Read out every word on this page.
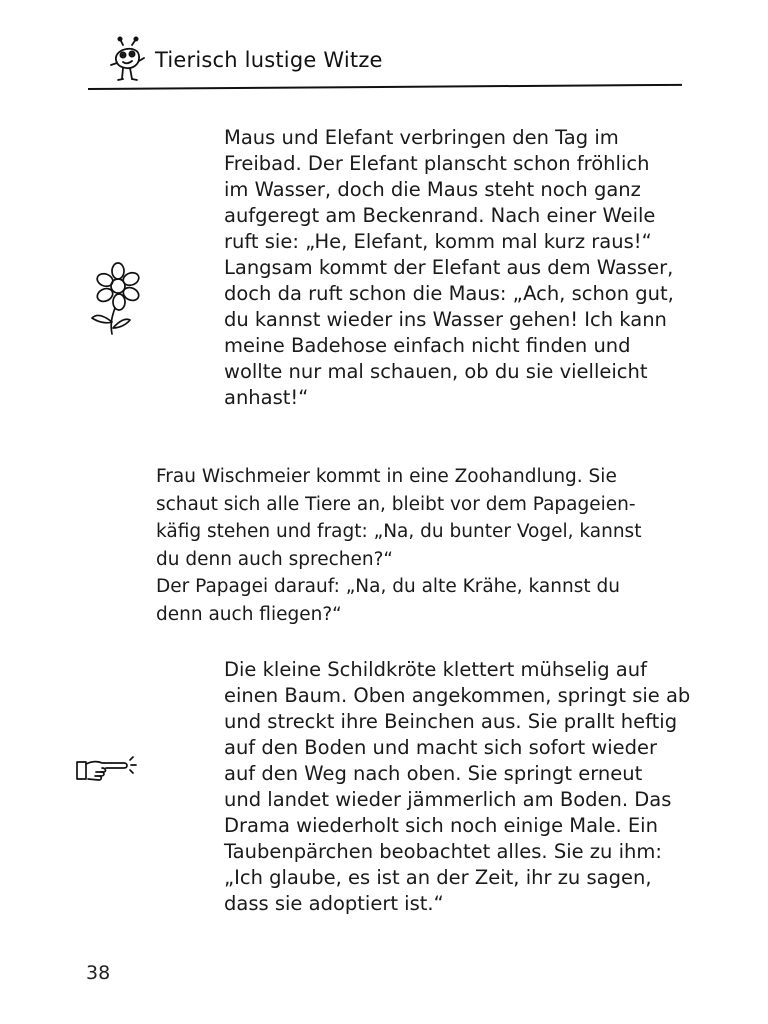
Tierisch lustige Witze
Maus und Elefant verbringen den Tag im
Freibad. Der Elefant planscht schon fröhlich
im Wasser, doch die Maus steht noch ganz
aufgeregt am Beckenrand. Nach einer Weile
ruft sie: „He, Elefant, komm mal kurz raus!“
Langsam kommt der Elefant aus dem Wasser,
doch da ruft schon die Maus: „Ach, schon gut,
du kannst wieder ins Wasser gehen! Ich kann
meine Badehose einfach nicht finden und
wollte nur mal schauen, ob du sie vielleicht
anhast!“
Frau Wischmeier kommt in eine Zoohandlung. Sie
schaut sich alle Tiere an, bleibt vor dem Papageien-
käfig stehen und fragt: „Na, du bunter Vogel, kannst
du denn auch sprechen?“
Der Papagei darauf: „Na, du alte Krähe, kannst du
denn auch fliegen?“
Die kleine Schildkröte klettert mühselig auf
einen Baum. Oben angekommen, springt sie ab
und streckt ihre Beinchen aus. Sie prallt heftig
auf den Boden und macht sich sofort wieder
auf den Weg nach oben. Sie springt erneut
und landet wieder jämmerlich am Boden. Das
Drama wiederholt sich noch einige Male. Ein
Taubenpärchen beobachtet alles. Sie zu ihm:
„Ich glaube, es ist an der Zeit, ihr zu sagen,
dass sie adoptiert ist.“
38
